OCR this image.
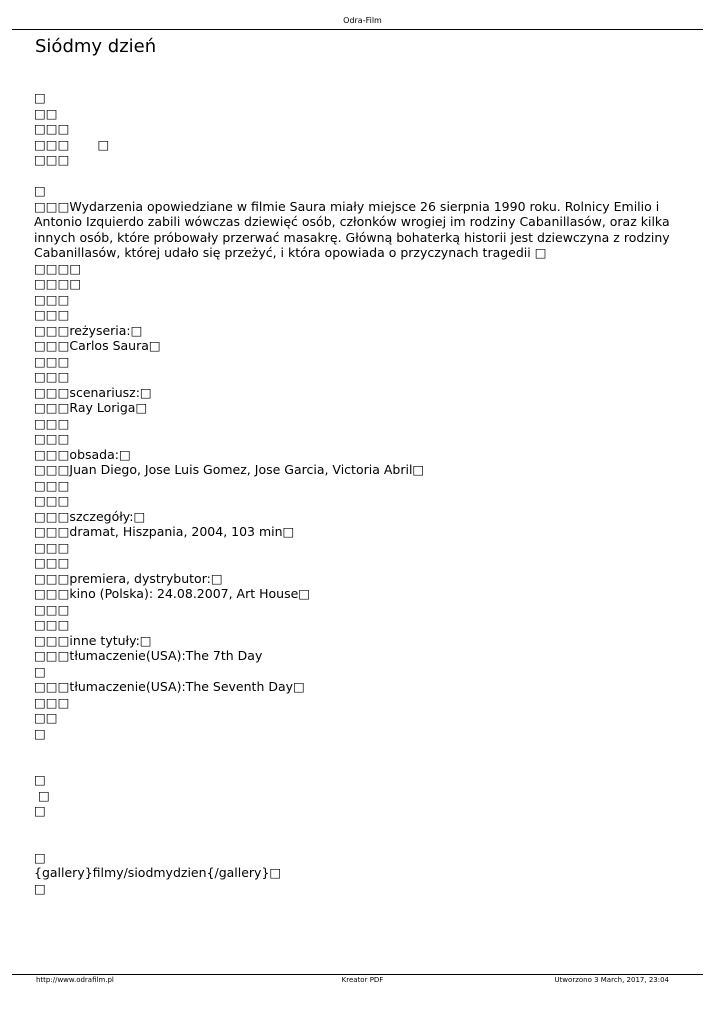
Odra-Film
Siódmy dzień
□
□□
□□□
□□□ □
□□□
□
□□□Wydarzenia opowiedziane w filmie Saura miały miejsce 26 sierpnia 1990 roku. Rolnicy Emilio i Antonio Izquierdo zabili wówczas dziewięć osób, członków wrogiej im rodziny Cabanillasów, oraz kilka innych osób, które próbowały przerwać masakrę. Główną bohaterką historii jest dziewczyna z rodziny Cabanillasów, której udało się przeżyć, i która opowiada o przyczynach tragedii □
□□□□
□□□□
□□□
□□□
□□□reżyseria:□
□□□Carlos Saura□
□□□
□□□
□□□scenariusz:□
□□□Ray Loriga□
□□□
□□□
□□□obsada:□
□□□Juan Diego, Jose Luis Gomez, Jose Garcia, Victoria Abril□
□□□
□□□
□□□szczegóły:□
□□□dramat, Hiszpania, 2004, 103 min□
□□□
□□□
□□□premiera, dystrybutor:□
□□□kino (Polska): 24.08.2007, Art House□
□□□
□□□
□□□inne tytuły:□
□□□tłumaczenie(USA):The 7th Day
□
□□□tłumaczenie(USA):The Seventh Day□
□□□
□□
□
□
□
□
□
{gallery}filmy/siodmydzien{/gallery}□
□
http://www.odrafilm.pl	Kreator PDF	Utworzono 3 March, 2017, 23:04
